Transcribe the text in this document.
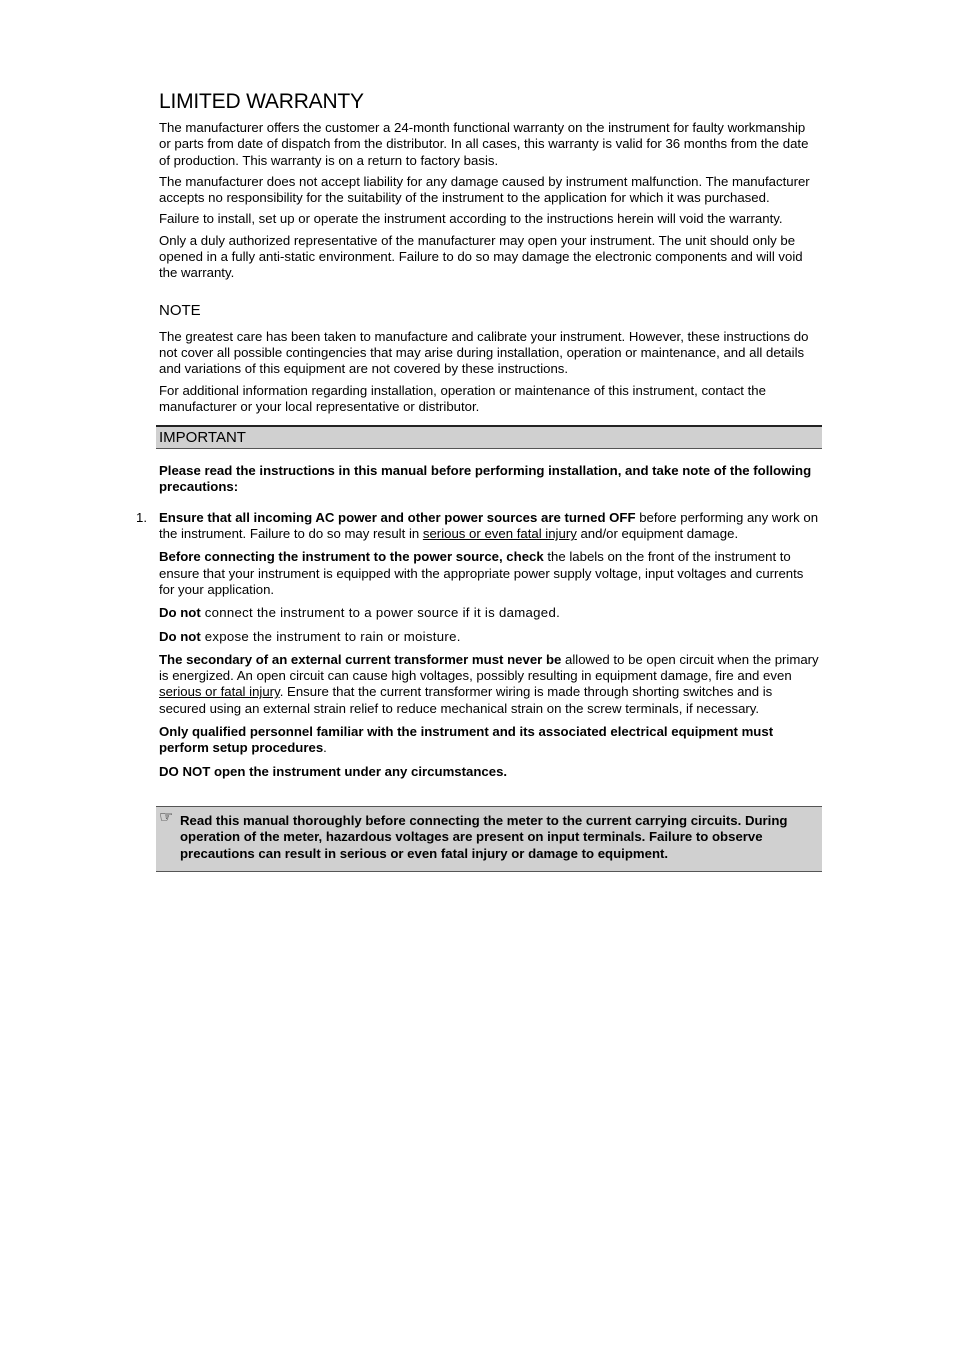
LIMITED WARRANTY

The manufacturer offers the customer a 24-month functional warranty on the instrument for faulty workmanship or parts from date of dispatch from the distributor. In all cases, this warranty is valid for 36 months from the date of production. This warranty is on a return to factory basis.

The manufacturer does not accept liability for any damage caused by instrument malfunction. The manufacturer accepts no responsibility for the suitability of the instrument to the application for which it was purchased.

Failure to install, set up or operate the instrument according to the instructions herein will void the warranty.

Only a duly authorized representative of the manufacturer may open your instrument. The unit should only be opened in a fully anti-static environment. Failure to do so may damage the electronic components and will void the warranty.

NOTE

The greatest care has been taken to manufacture and calibrate your instrument. However, these instructions do not cover all possible contingencies that may arise during installation, operation or maintenance, and all details and variations of this equipment are not covered by these instructions.

For additional information regarding installation, operation or maintenance of this instrument, contact the manufacturer or your local representative or distributor.

IMPORTANT

Please read the instructions in this manual before performing installation, and take note of the following precautions:

1. Ensure that all incoming AC power and other power sources are turned OFF before performing any work on the instrument. Failure to do so may result in serious or even fatal injury and/or equipment damage.

Before connecting the instrument to the power source, check the labels on the front of the instrument to ensure that your instrument is equipped with the appropriate power supply voltage, input voltages and currents for your application.

Do not connect the instrument to a power source if it is damaged.

Do not expose the instrument to rain or moisture.

The secondary of an external current transformer must never be allowed to be open circuit when the primary is energized. An open circuit can cause high voltages, possibly resulting in equipment damage, fire and even serious or fatal injury. Ensure that the current transformer wiring is made through shorting switches and is secured using an external strain relief to reduce mechanical strain on the screw terminals, if necessary.

Only qualified personnel familiar with the instrument and its associated electrical equipment must perform setup procedures.

DO NOT open the instrument under any circumstances.

☞ Read this manual thoroughly before connecting the meter to the current carrying circuits. During operation of the meter, hazardous voltages are present on input terminals. Failure to observe precautions can result in serious or even fatal injury or damage to equipment.
